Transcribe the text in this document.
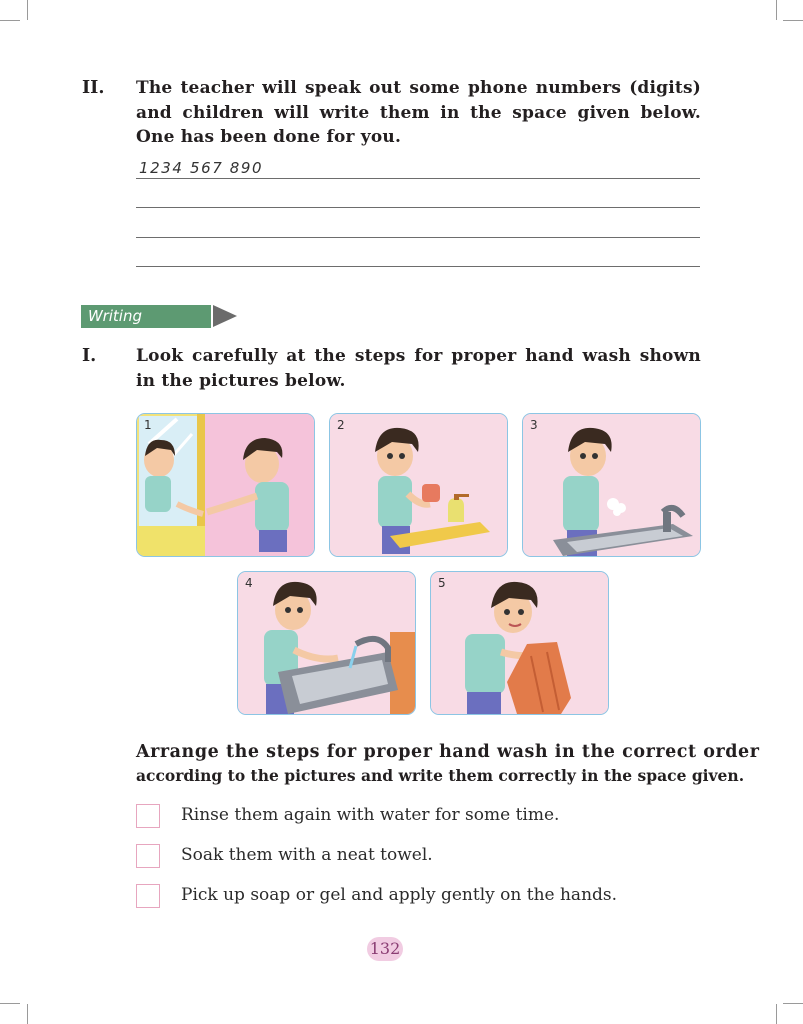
II. The teacher will speak out some phone numbers (digits) and children will write them in the space given below. One has been done for you.
1234 567 890
Writing
I. Look carefully at the steps for proper hand wash shown in the pictures below.
1	2	3
4	5
Arrange the steps for proper hand wash in the correct order
according to the pictures and write them correctly in the space given.
Rinse them again with water for some time.
Soak them with a neat towel.
Pick up soap or gel and apply gently on the hands.
132
